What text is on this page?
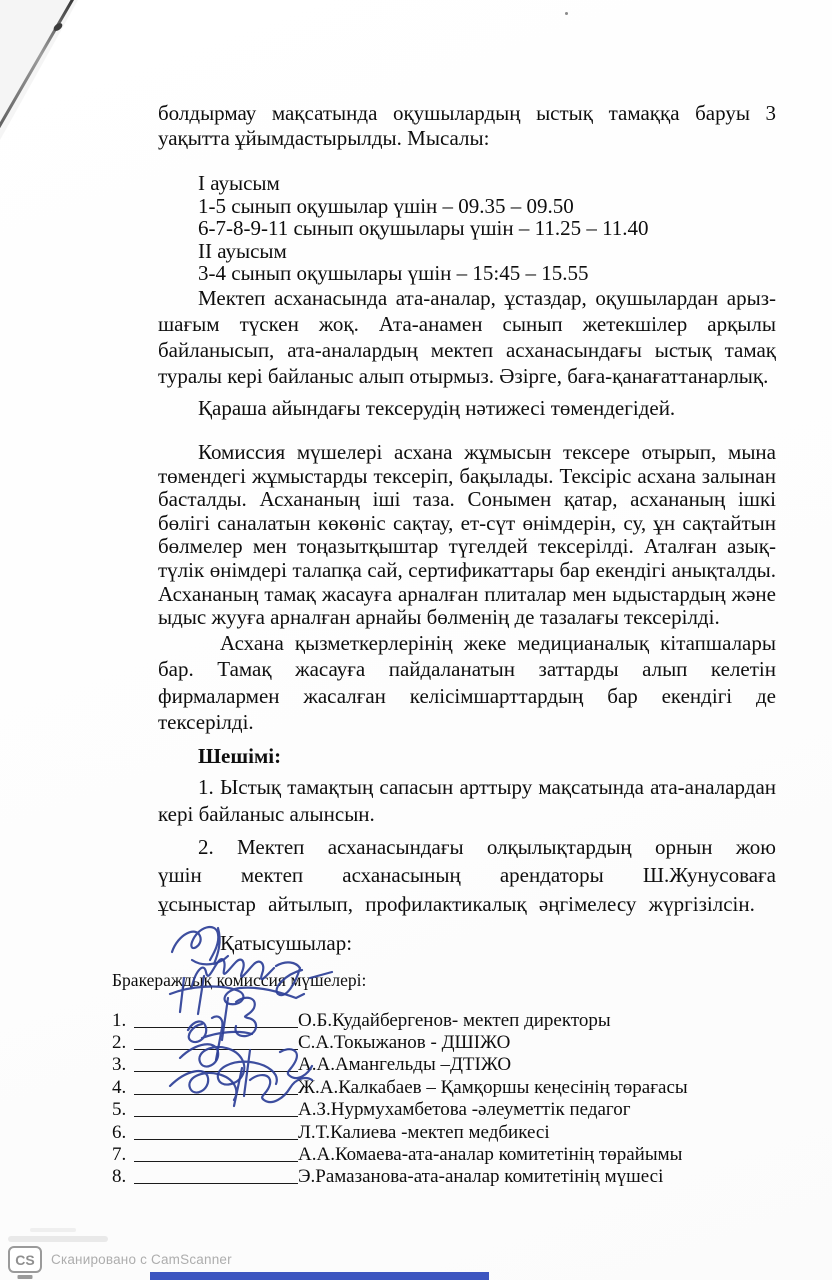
болдырмау мақсатында оқушылардың ыстық тамаққа баруы 3 уақытта ұйымдастырылды. Мысалы:

I ауысым
1-5 сынып оқушылар үшін – 09.35 – 09.50
6-7-8-9-11 сынып оқушылары үшін – 11.25 – 11.40
II ауысым
3-4 сынып оқушылары үшін – 15:45 – 15.55

Мектеп асханасында ата-аналар, ұстаздар, оқушылардан арыз-шағым түскен жоқ. Ата-анамен сынып жетекшілер арқылы байланысып, ата-аналардың мектеп асханасындағы ыстық тамақ туралы кері байланыс алып отырмыз. Әзірге, баға-қанағаттанарлық.

Қараша айындағы тексерудің нәтижесі төмендегідей.

Комиссия мүшелері асхана жұмысын тексере отырып, мына төмендегі жұмыстарды тексеріп, бақылады. Тексіріс асхана залынан басталды. Асхананың іші таза. Сонымен қатар, асхананың ішкі бөлігі саналатын көкөніс сақтау, ет-сүт өнімдерін, су, ұн сақтайтын бөлмелер мен тоңазытқыштар түгелдей тексерілді. Аталған азық-түлік өнімдері талапқа сай, сертификаттары бар екендігі анықталды. Асхананың тамақ жасауға арналған плиталар мен ыдыстардың және ыдыс жууға арналған арнайы бөлменің де тазалағы тексерілді.

Асхана қызметкерлерінің жеке медицианалық кітапшалары бар. Тамақ жасауға пайдаланатын заттарды алып келетін фирмалармен жасалған келісімшарттардың бар екендігі де тексерілді.

Шешімі:

1. Ыстық тамақтың сапасын арттыру мақсатында ата-аналардан кері байланыс алынсын.

2. Мектеп асханасындағы олқылықтардың орнын жою үшін мектеп асханасының арендаторы Ш.Жунусоваға ұсыныстар айтылып, профилактикалық әңгімелесу жүргізілсін.

Қатысушылар:
Бракераждық комиссия мүшелері:
1.	О.Б.Кудайбергенов- мектеп директоры
2.	С.А.Токыжанов - ДШІЖО
3.	А.А.Амангельды –ДТІЖО
4.	Ж.А.Калкабаев – Қамқоршы кеңесінің төрағасы
5.	А.З.Нурмухамбетова -әлеуметтік педагог
6.	Л.Т.Калиева -мектеп медбикесі
7.	А.А.Комаева-ата-аналар комитетінің төрайымы
8.	Э.Рамазанова-ата-аналар комитетінің мүшесі
CS	Сканировано с CamScanner
